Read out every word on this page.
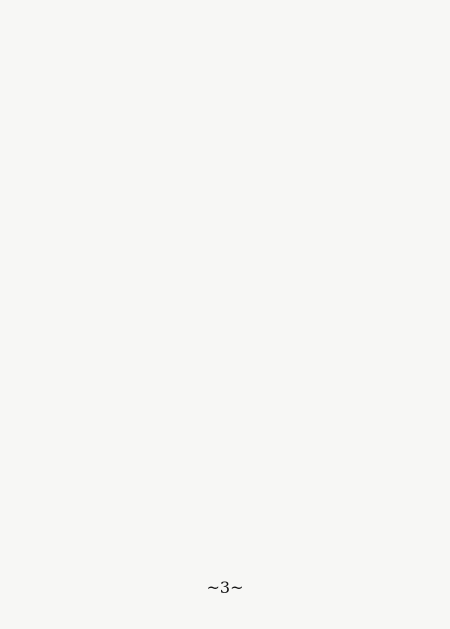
~3~
